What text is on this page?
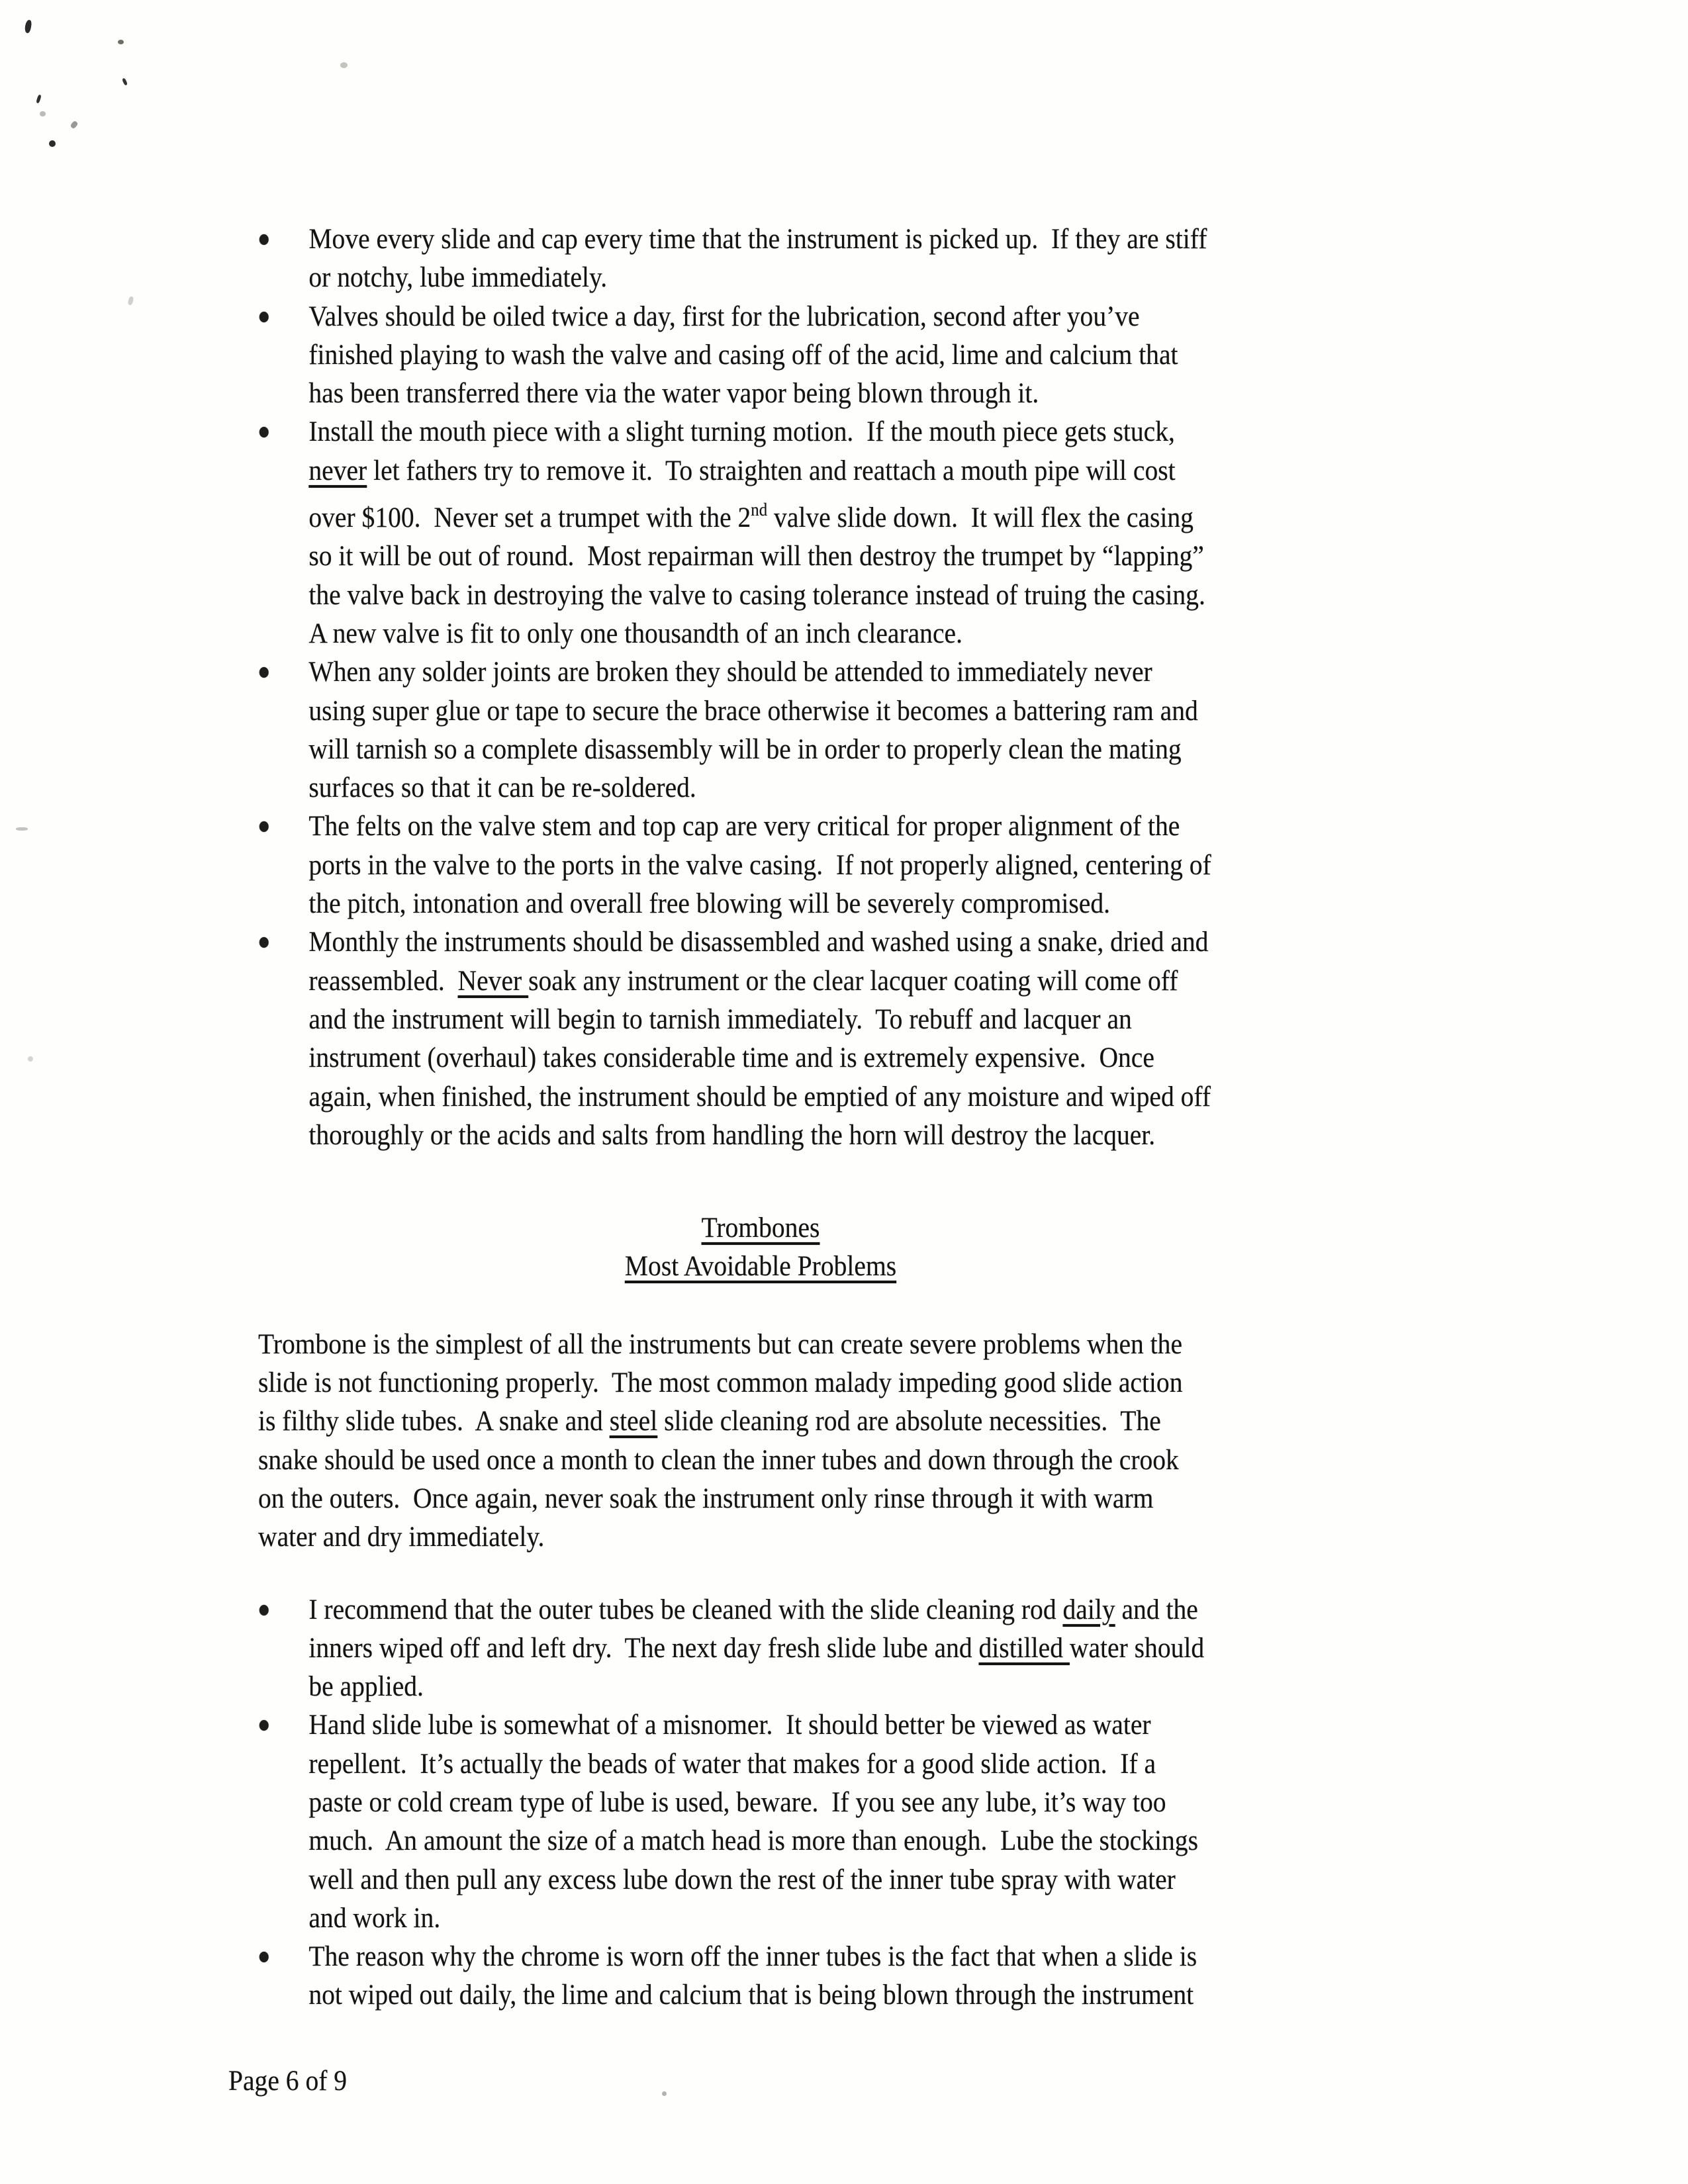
Move every slide and cap every time that the instrument is picked up.  If they are stiff
or notchy, lube immediately.
Valves should be oiled twice a day, first for the lubrication, second after you’ve
finished playing to wash the valve and casing off of the acid, lime and calcium that
has been transferred there via the water vapor being blown through it.
Install the mouth piece with a slight turning motion.  If the mouth piece gets stuck,
never let fathers try to remove it.  To straighten and reattach a mouth pipe will cost
over $100.  Never set a trumpet with the 2nd valve slide down.  It will flex the casing
so it will be out of round.  Most repairman will then destroy the trumpet by “lapping”
the valve back in destroying the valve to casing tolerance instead of truing the casing.
A new valve is fit to only one thousandth of an inch clearance.
When any solder joints are broken they should be attended to immediately never
using super glue or tape to secure the brace otherwise it becomes a battering ram and
will tarnish so a complete disassembly will be in order to properly clean the mating
surfaces so that it can be re-soldered.
The felts on the valve stem and top cap are very critical for proper alignment of the
ports in the valve to the ports in the valve casing.  If not properly aligned, centering of
the pitch, intonation and overall free blowing will be severely compromised.
Monthly the instruments should be disassembled and washed using a snake, dried and
reassembled.  Never soak any instrument or the clear lacquer coating will come off
and the instrument will begin to tarnish immediately.  To rebuff and lacquer an
instrument (overhaul) takes considerable time and is extremely expensive.  Once
again, when finished, the instrument should be emptied of any moisture and wiped off
thoroughly or the acids and salts from handling the horn will destroy the lacquer.
Trombones
Most Avoidable Problems
Trombone is the simplest of all the instruments but can create severe problems when the
slide is not functioning properly.  The most common malady impeding good slide action
is filthy slide tubes.  A snake and steel slide cleaning rod are absolute necessities.  The
snake should be used once a month to clean the inner tubes and down through the crook
on the outers.  Once again, never soak the instrument only rinse through it with warm
water and dry immediately.
I recommend that the outer tubes be cleaned with the slide cleaning rod daily and the
inners wiped off and left dry.  The next day fresh slide lube and distilled water should
be applied.
Hand slide lube is somewhat of a misnomer.  It should better be viewed as water
repellent.  It’s actually the beads of water that makes for a good slide action.  If a
paste or cold cream type of lube is used, beware.  If you see any lube, it’s way too
much.  An amount the size of a match head is more than enough.  Lube the stockings
well and then pull any excess lube down the rest of the inner tube spray with water
and work in.
The reason why the chrome is worn off the inner tubes is the fact that when a slide is
not wiped out daily, the lime and calcium that is being blown through the instrument
Page 6 of 9
